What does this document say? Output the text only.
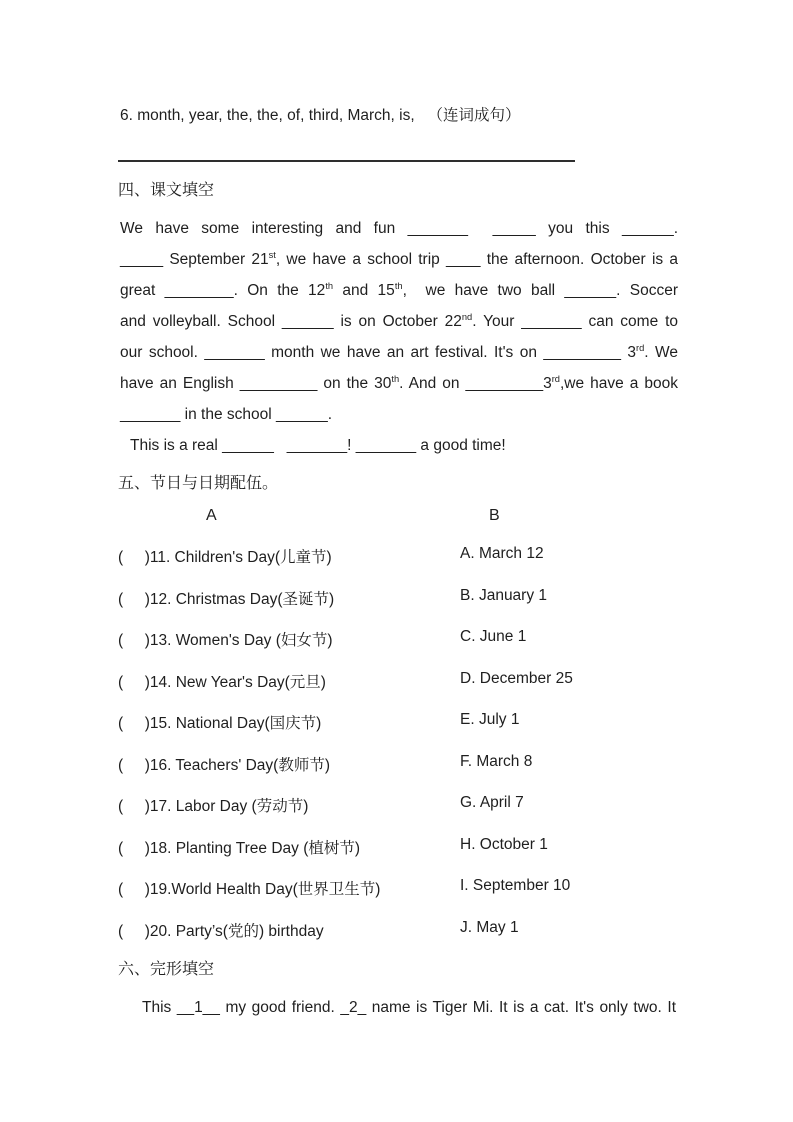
6. month, year, the, the, of, third, March, is,   （连词成句）
四、课文填空
We have some interesting and fun _______  _____ you this ______.
_____ September 21st, we have a school trip ____ the afternoon. October is a
great ________. On the 12th and 15th,  we have two ball ______. Soccer
and volleyball. School ______ is on October 22nd. Your _______ can come to
our school. _______ month we have an art festival. It's on _________ 3rd. We
have an English _________ on the 30th. And on _________3rd,we have a book
_______ in the school ______.
This is a real ______   _______! _______ a good time!
五、节日与日期配伍。
A	B
(     )11. Children's Day(儿童节)	A. March 12
(     )12. Christmas Day(圣诞节)	B. January 1
(     )13. Women's Day (妇女节)	C. June 1
(     )14. New Year's Day(元旦)	D. December 25
(     )15. National Day(国庆节)	E. July 1
(     )16. Teachers' Day(教师节)	F. March 8
(     )17. Labor Day (劳动节)	G. April 7
(     )18. Planting Tree Day (植树节)	H. October 1
(     )19.World Health Day(世界卫生节)	I. September 10
(     )20. Party’s(党的) birthday	J. May 1
六、完形填空
This __1__ my good friend. _2_ name is Tiger Mi. It is a cat. It's only two. It
